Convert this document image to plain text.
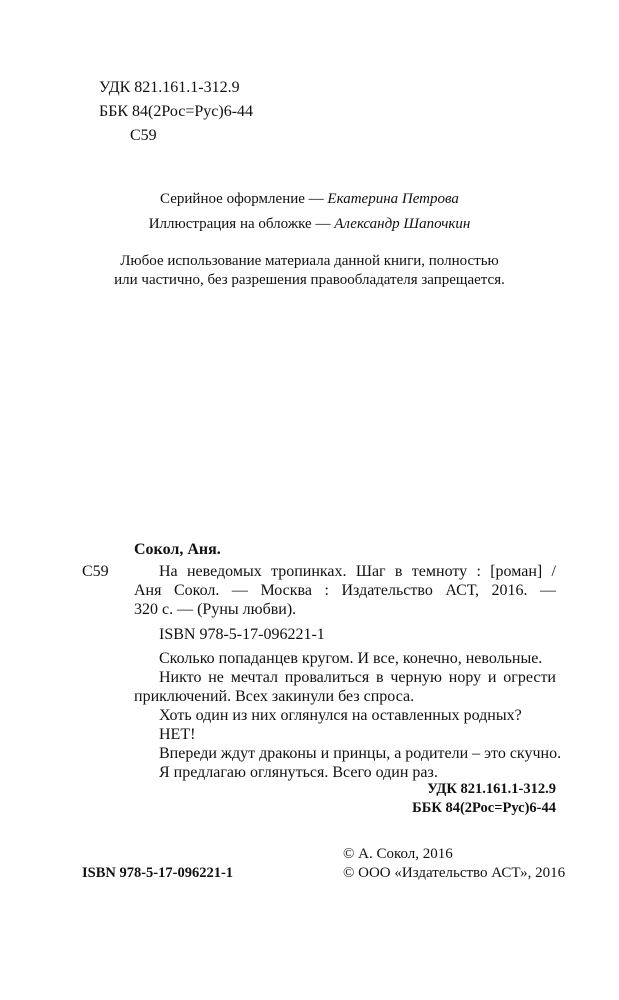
УДК 821.161.1-312.9
ББК 84(2Рос=Рус)6-44
С59
Серийное оформление — Екатерина Петрова
Иллюстрация на обложке — Александр Шапочкин
Любое использование материала данной книги, полностью
или частично, без разрешения правообладателя запрещается.
Сокол, Аня.
С59	На неведомых тропинках. Шаг в темноту : [роман] /
Аня Сокол. — Москва : Издательство АСТ, 2016. —
320 с. — (Руны любви).
ISBN 978-5-17-096221-1
Сколько попаданцев кругом. И все, конечно, невольные.
Никто не мечтал провалиться в черную нору и огрести
приключений. Всех закинули без спроса.
Хоть один из них оглянулся на оставленных родных?
НЕТ!
Впереди ждут драконы и принцы, а родители – это скучно.
Я предлагаю оглянуться. Всего один раз.
УДК 821.161.1-312.9
ББК 84(2Рос=Рус)6-44
© А. Сокол, 2016
ISBN 978-5-17-096221-1	© ООО «Издательство АСТ», 2016
